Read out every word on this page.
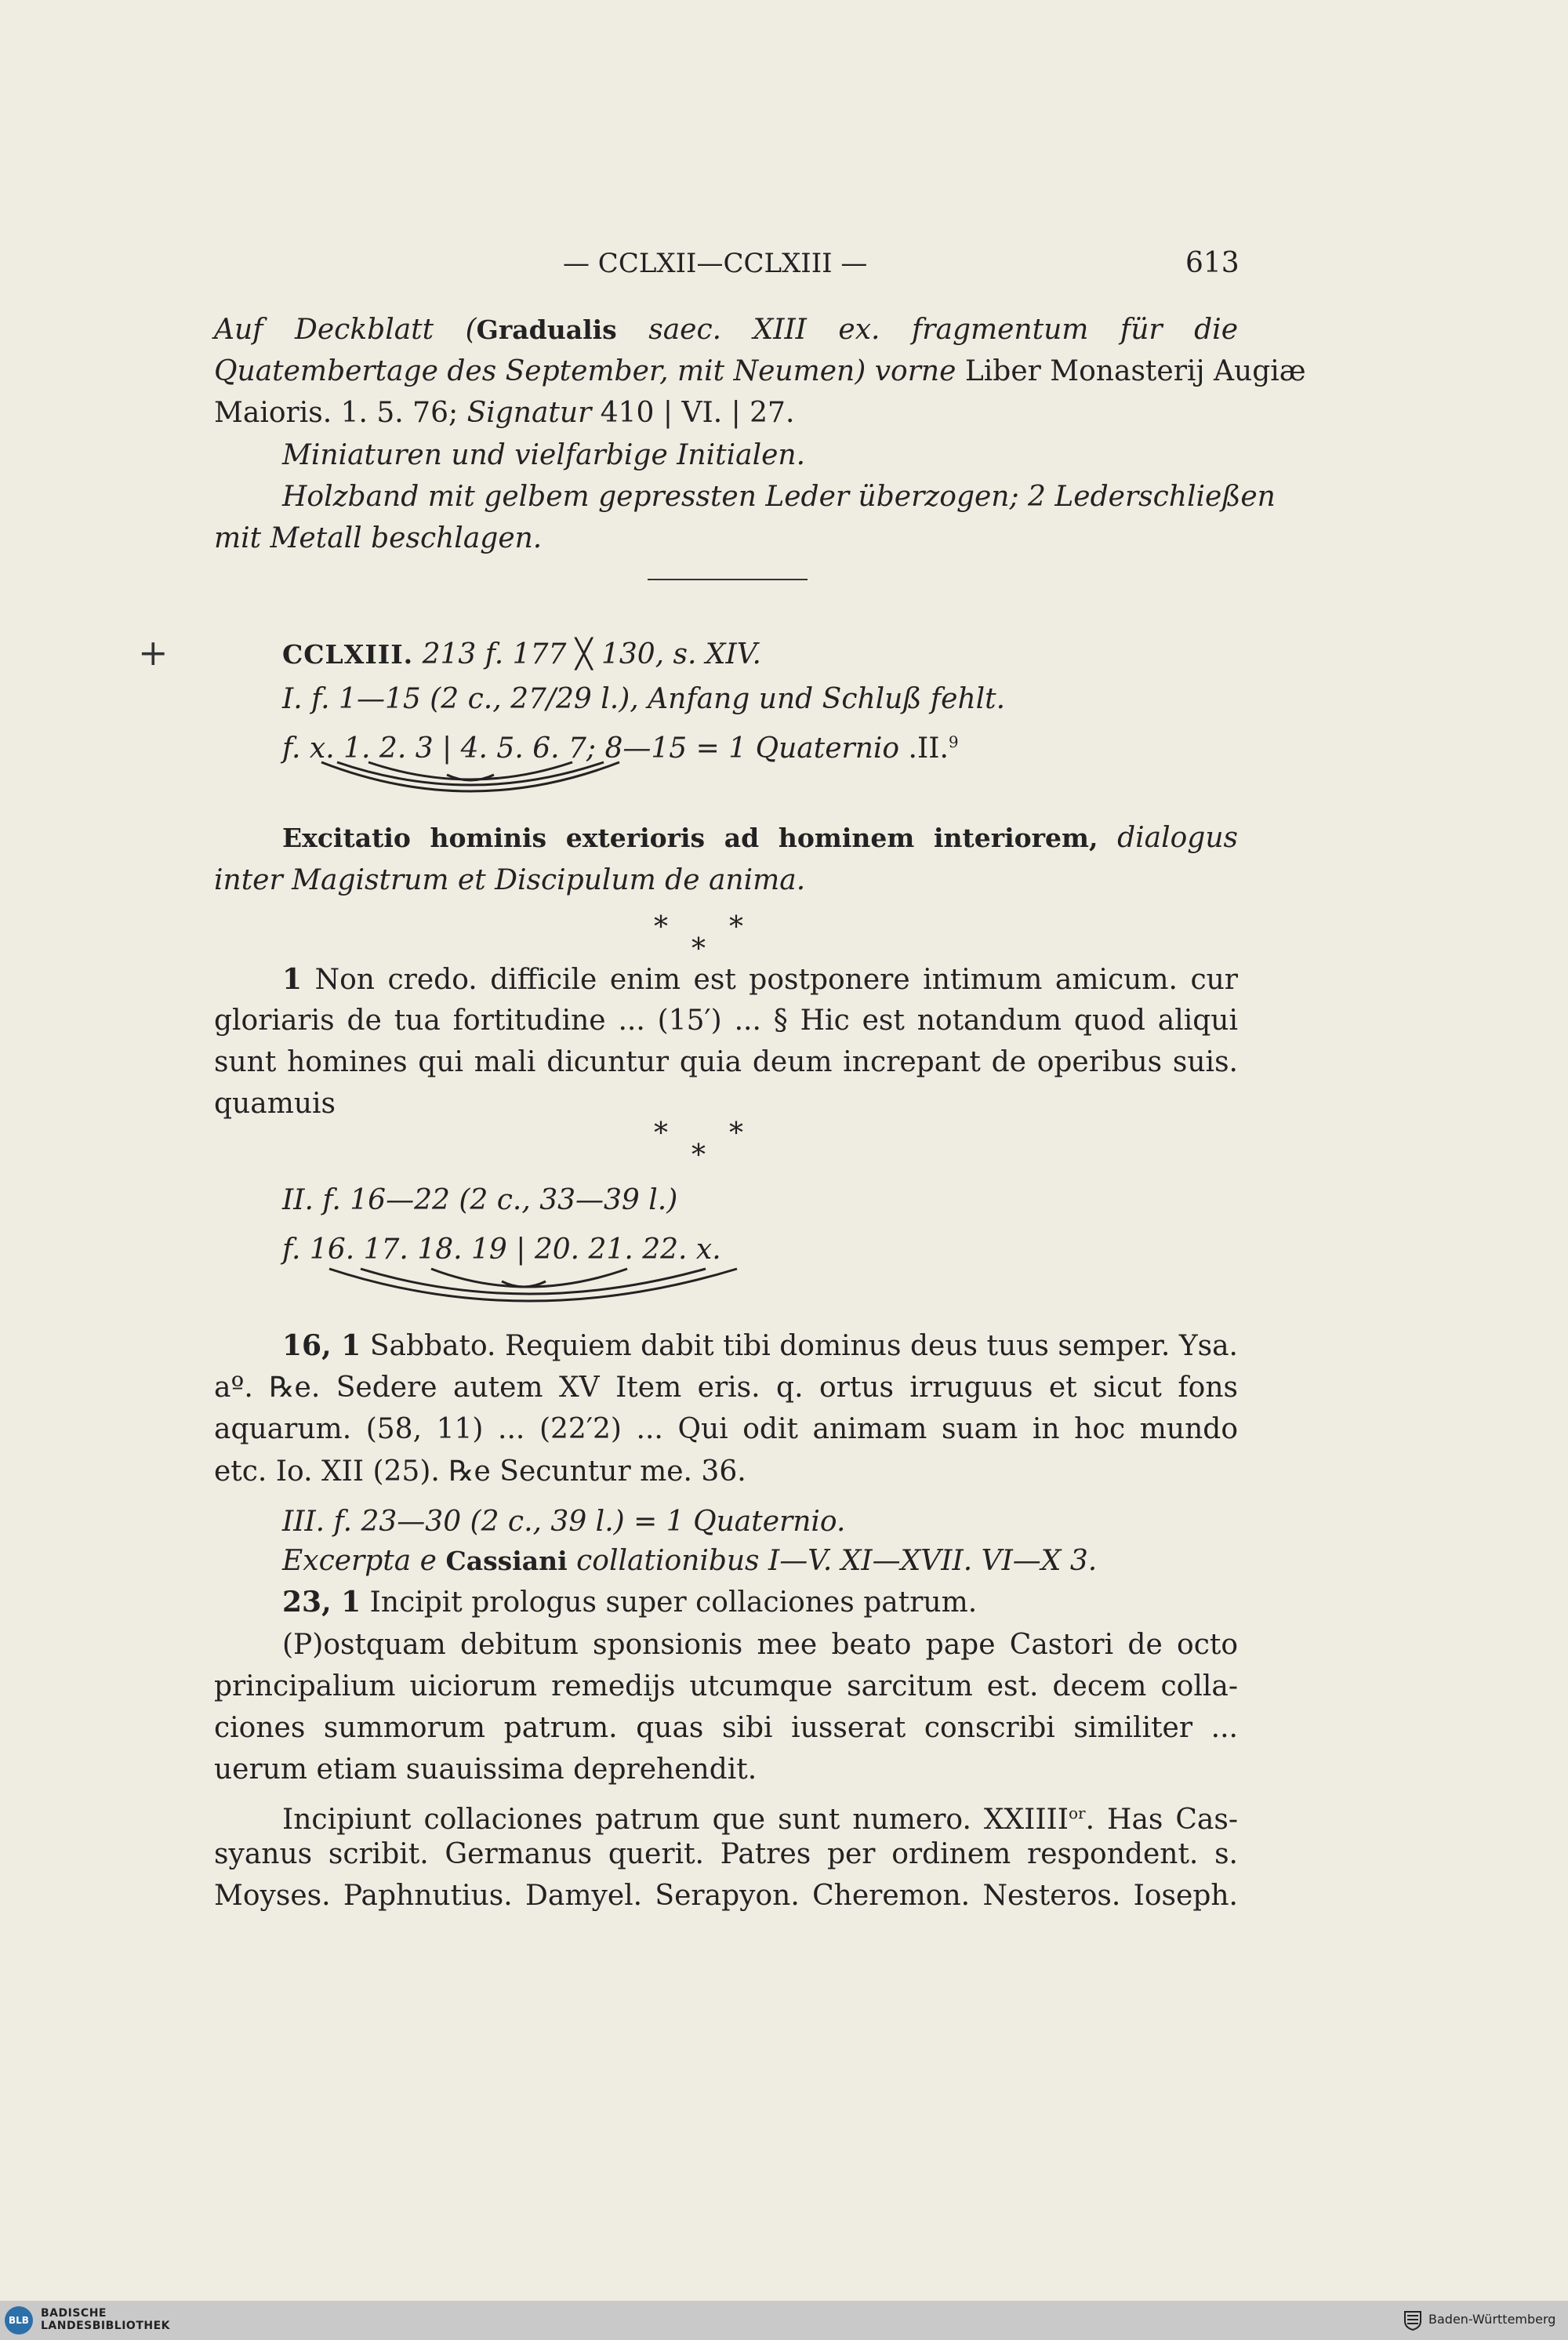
— CCLXII—CCLXIII —	613
Auf Deckblatt (Gradualis saec. XIII ex. fragmentum für die
Quatembertage des September, mit Neumen) vorne Liber Monasterij Augiæ
Maioris. 1. 5. 76; Signatur 410 | VI. | 27.
Miniaturen und vielfarbige Initialen.
Holzband mit gelbem gepressten Leder überzogen; 2 Lederschließen
mit Metall beschlagen.
+	CCLXIII. 213 f. 177 ╳ 130, s. XIV.
I. f. 1—15 (2 c., 27/29 l.), Anfang und Schluß fehlt.
f. x. 1. 2. 3 | 4. 5. 6. 7; 8—15 = 1 Quaternio .II.$^9$
Excitatio hominis exterioris ad hominem interiorem, dialogus
inter Magistrum et Discipulum de anima.
* *
*
1 Non credo. difficile enim est postponere intimum amicum. cur
gloriaris de tua fortitudine ... (15′) ... § Hic est notandum quod aliqui
sunt homines qui mali dicuntur quia deum increpant de operibus suis.
quamuis
* *
*
II. f. 16—22 (2 c., 33—39 l.)
f. 16. 17. 18. 19 | 20. 21. 22. x.
16, 1 Sabbato. Requiem dabit tibi dominus deus tuus semper. Ysa.
aº. ℞e. Sedere autem XV Item eris. q. ortus irruguus et sicut fons
aquarum. (58, 11) ... (22′2) ... Qui odit animam suam in hoc mundo
etc. Io. XII (25). ℞e Secuntur me. 36.
III. f. 23—30 (2 c., 39 l.) = 1 Quaternio.
Excerpta e Cassiani collationibus I—V. XI—XVII. VI—X 3.
23, 1 Incipit prologus super collaciones patrum.
(P)ostquam debitum sponsionis mee beato pape Castori de octo
principalium uiciorum remedijs utcumque sarcitum est. decem colla-
ciones summorum patrum. quas sibi iusserat conscribi similiter ...
uerum etiam suauissima deprehendit.
Incipiunt collaciones patrum que sunt numero. $XXIIII^{or}$. Has Cas-
syanus scribit. Germanus querit. Patres per ordinem respondent. s.
Moyses. Paphnutius. Damyel. Serapyon. Cheremon. Nesteros. Ioseph.
BLB
BADISCHE
LANDESBIBLIOTHEK	Baden-Württemberg
